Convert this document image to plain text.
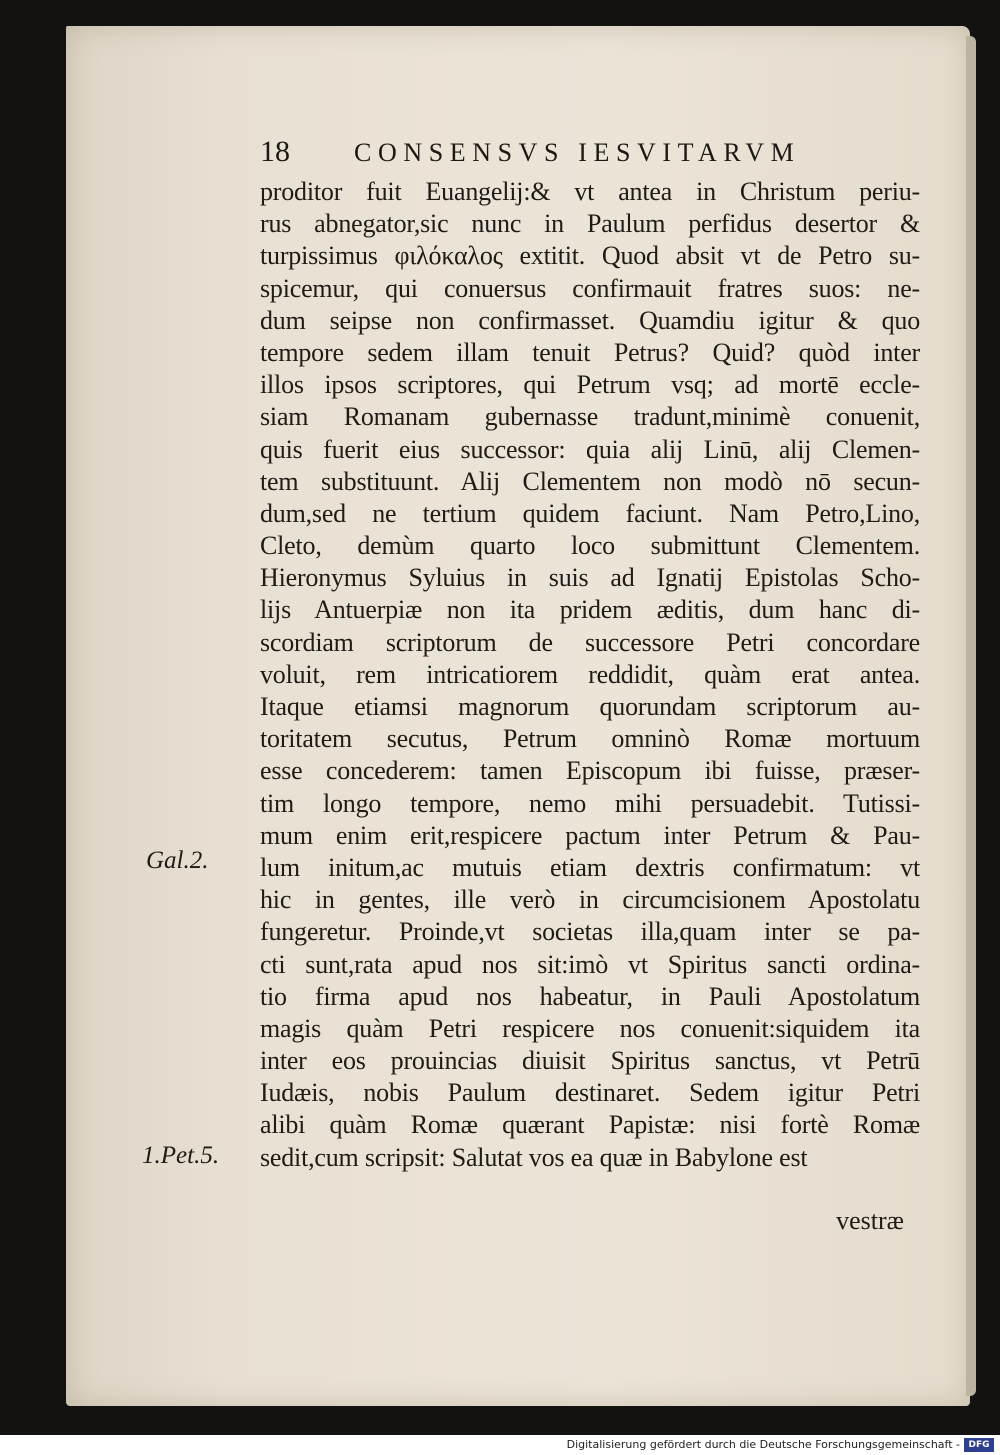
18 CONSENSVS IESVITARVM
proditor fuit Euangelij:& vt antea in Christum periu-
rus abnegator,sic nunc in Paulum perfidus desertor &
turpissimus φιλόκαλος extitit. Quod absit vt de Petro su-
spicemur, qui conuersus confirmauit fratres suos: ne-
dum seipse non confirmasset. Quamdiu igitur & quo
tempore sedem illam tenuit Petrus? Quid? quòd inter
illos ipsos scriptores, qui Petrum vsq; ad mortē eccle-
siam Romanam gubernasse tradunt,minimè conuenit,
quis fuerit eius successor: quia alij Linū, alij Clemen-
tem substituunt. Alij Clementem non modò nō secun-
dum,sed ne tertium quidem faciunt. Nam Petro,Lino,
Cleto, demùm quarto loco submittunt Clementem.
Hieronymus Syluius in suis ad Ignatij Epistolas Scho-
lijs Antuerpiæ non ita pridem æditis, dum hanc di-
scordiam scriptorum de successore Petri concordare
voluit, rem intricatiorem reddidit, quàm erat antea.
Itaque etiamsi magnorum quorundam scriptorum au-
toritatem secutus, Petrum omninò Romæ mortuum
esse concederem: tamen Episcopum ibi fuisse, præser-
tim longo tempore, nemo mihi persuadebit. Tutissi-
mum enim erit,respicere pactum inter Petrum & Pau-
lum initum,ac mutuis etiam dextris confirmatum: vt
hic in gentes, ille verò in circumcisionem Apostolatu
fungeretur. Proinde,vt societas illa,quam inter se pa-
cti sunt,rata apud nos sit:imò vt Spiritus sancti ordina-
tio firma apud nos habeatur, in Pauli Apostolatum
magis quàm Petri respicere nos conuenit:siquidem ita
inter eos prouincias diuisit Spiritus sanctus, vt Petrū
Iudæis, nobis Paulum destinaret. Sedem igitur Petri
alibi quàm Romæ quærant Papistæ: nisi fortè Romæ
sedit,cum scripsit: Salutat vos ea quæ in Babylone est
Gal.2.
1.Pet.5.
vestræ
Digitalisierung gefördert durch die Deutsche Forschungsgemeinschaft - DFG
